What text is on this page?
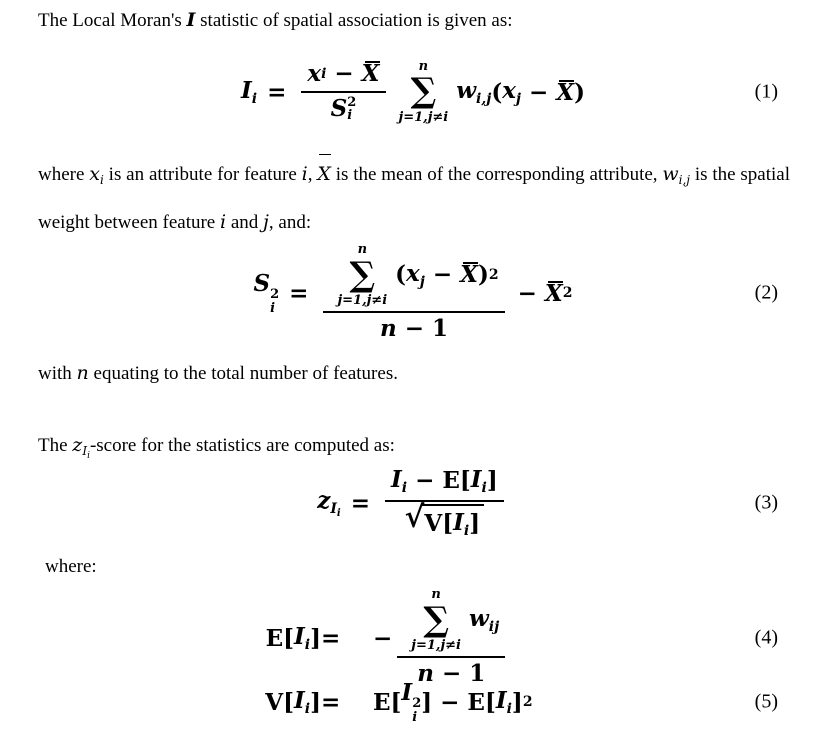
The Local Moran's I statistic of spatial association is given as:
$I_i = x$ i − X
S 2
i	n
∑
j=1,j≠i
$w_{i,j}$ ( $x_j - X$ )	(1)
where $x_i$ is an attribute for feature i, X is the mean of the corresponding attribute, $w_{i,j}$ is the spatial weight between feature i and j, and:
S 2
i
=
n
∑
j=1,j≠i
( $x_j - X$ ) 2
n − 1
− X 2	(2)
with n equating to the total number of features.
The $z_{I_i}$-score for the statistics are computed as:
$z_{I_i} = \frac{I_i - E [ I_i ]}{√ V [ I_i ]}$	(3)
where:
E [ $I_i$ ] = − n
∑
j=1,j≠i
$w_{ij}$
n − 1	(4)
V [ $I_i$ ] = E [ I 2
i
] − E [ $I_i$ ] 2	(5)
